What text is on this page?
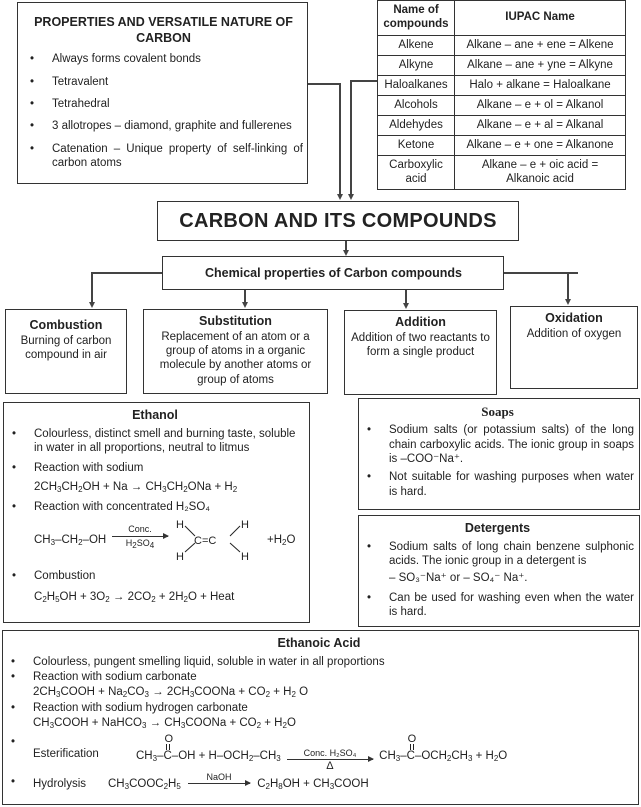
PROPERTIES AND VERSATILE NATURE OF CARBON
• Always forms covalent bonds
• Tetravalent
• Tetrahedral
• 3 allotropes – diamond, graphite and fullerenes
• Catenation – Unique property of self-linking of carbon atoms
Name of compounds	IUPAC Name
Alkene	Alkane – ane + ene = Alkene
Alkyne	Alkane – ane + yne = Alkyne
Haloalkanes	Halo + alkane = Haloalkane
Alcohols	Alkane – e + ol = Alkanol
Aldehydes	Alkane – e + al = Alkanal
Ketone	Alkane – e + one = Alkanone
Carboxylic acid	Alkane – e + oic acid = Alkanoic acid
CARBON AND ITS COMPOUNDS
Chemical properties of Carbon compounds
Combustion
Burning of carbon compound in air
Substitution
Replacement of an atom or a group of atoms in a organic molecule by another atoms or group of atoms
Addition
Addition of two reactants to form a single product
Oxidation
Addition of oxygen
Ethanol
• Colourless, distinct smell and burning taste, soluble in water in all proportions, neutral to litmus
• Reaction with sodium
$2CH_3CH_2OH + Na \to CH_3CH_2ONa + H_2$
• Reaction with concentrated H₂SO₄
$CH_3-CH_2-OH$
Conc.
$H_2SO_4$
H
H
H
H
C=C	$+H_2O$
• Combustion
$C_2H_5OH + 3O_2 \to 2CO_2 + 2H_2O$ + Heat
Soaps
• Sodium salts (or potassium salts) of the long chain carboxylic acids. The ionic group in soaps is –COO⁻Na⁺.
• Not suitable for washing purposes when water is hard.
Detergents
• Sodium salts of long chain benzene sulphonic acids. The ionic group in a detergent is
– SO₃⁻Na⁺ or – SO₄⁻ Na⁺.
• Can be used for washing even when the water is hard.
Ethanoic Acid
• Colourless, pungent smelling liquid, soluble in water in all proportions
• Reaction with sodium carbonate
$2CH_3COOH + Na_2CO_3$ → $2CH_3COONa + CO_2 + H_2$ O
• Reaction with sodium hydrogen carbonate
$CH_3COOH$ + NaHCO$_3$ → $CH_3COONa + CO_2 + H_2O$
• Esterification	$CH_3-C$
O
$-OH + H-OCH_2-CH_3$
Conc. H₂SO₄
Δ
$CH_3-C$
O
$-OCH_2CH_3 + H_2O$
• Hydrolysis $CH_3COOC_2H_5$
NaOH
$C_2H_8OH$ + $CH_3COOH$
